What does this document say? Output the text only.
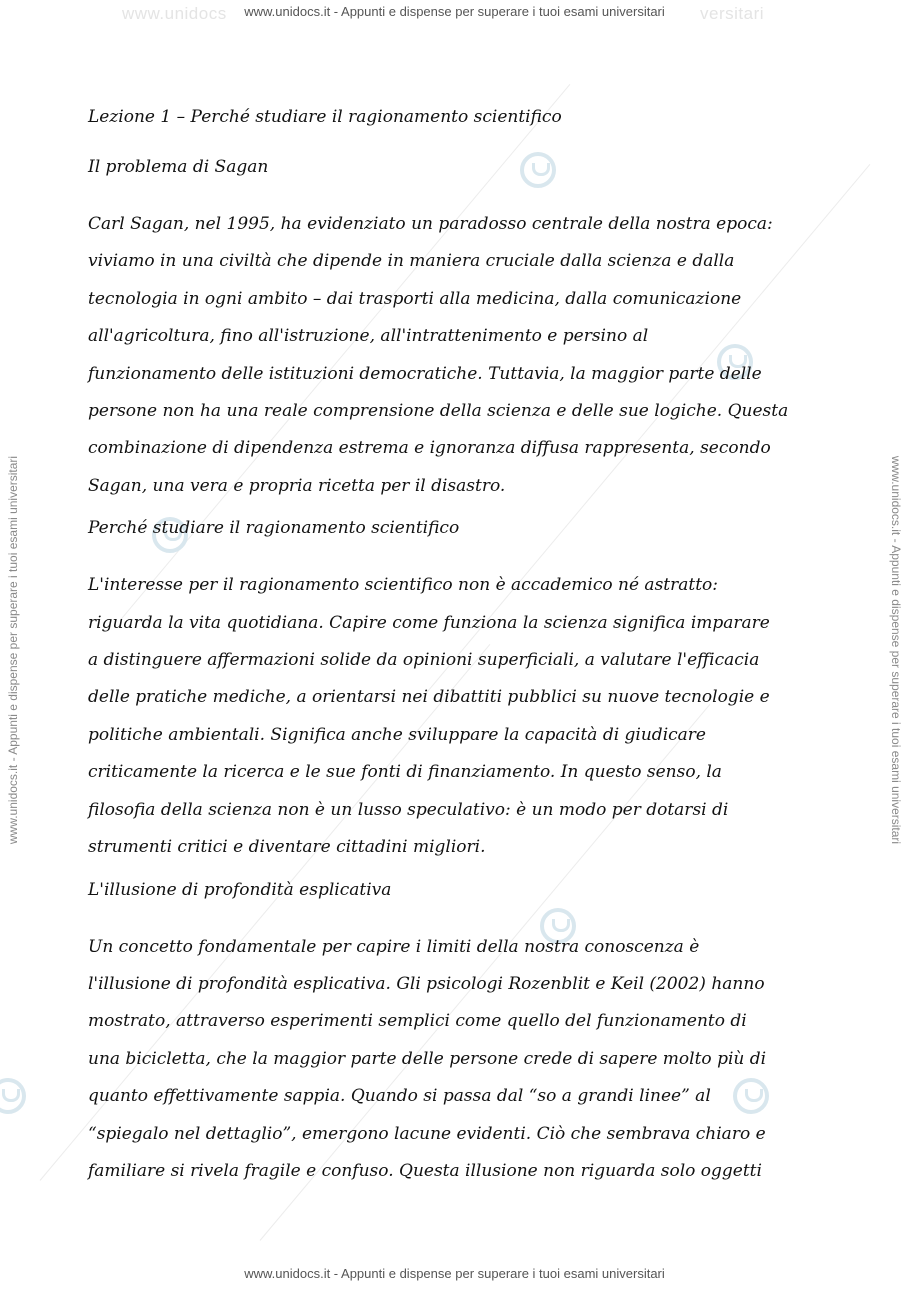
www.unidocs	versitari
www.unidocs.it - Appunti e dispense per superare i tuoi esami universitari
www.unidocs.it - Appunti e dispense per superare i tuoi esami universitari
www.unidocs.it - Appunti e dispense per superare i tuoi esami universitari	www.unidocs.it - Appunti e dispense per superare i tuoi esami universitari
Lezione 1 – Perché studiare il ragionamento scientifico
Il problema di Sagan
Carl Sagan, nel 1995, ha evidenziato un paradosso centrale della nostra epoca:
viviamo in una civiltà che dipende in maniera cruciale dalla scienza e dalla
tecnologia in ogni ambito – dai trasporti alla medicina, dalla comunicazione
all'agricoltura, fino all'istruzione, all'intrattenimento e persino al
funzionamento delle istituzioni democratiche. Tuttavia, la maggior parte delle
persone non ha una reale comprensione della scienza e delle sue logiche. Questa
combinazione di dipendenza estrema e ignoranza diffusa rappresenta, secondo
Sagan, una vera e propria ricetta per il disastro.
Perché studiare il ragionamento scientifico
L'interesse per il ragionamento scientifico non è accademico né astratto:
riguarda la vita quotidiana. Capire come funziona la scienza significa imparare
a distinguere affermazioni solide da opinioni superficiali, a valutare l'efficacia
delle pratiche mediche, a orientarsi nei dibattiti pubblici su nuove tecnologie e
politiche ambientali. Significa anche sviluppare la capacità di giudicare
criticamente la ricerca e le sue fonti di finanziamento. In questo senso, la
filosofia della scienza non è un lusso speculativo: è un modo per dotarsi di
strumenti critici e diventare cittadini migliori.
L'illusione di profondità esplicativa
Un concetto fondamentale per capire i limiti della nostra conoscenza è
l'illusione di profondità esplicativa. Gli psicologi Rozenblit e Keil (2002) hanno
mostrato, attraverso esperimenti semplici come quello del funzionamento di
una bicicletta, che la maggior parte delle persone crede di sapere molto più di
quanto effettivamente sappia. Quando si passa dal “so a grandi linee” al
“spiegalo nel dettaglio”, emergono lacune evidenti. Ciò che sembrava chiaro e
familiare si rivela fragile e confuso. Questa illusione non riguarda solo oggetti
